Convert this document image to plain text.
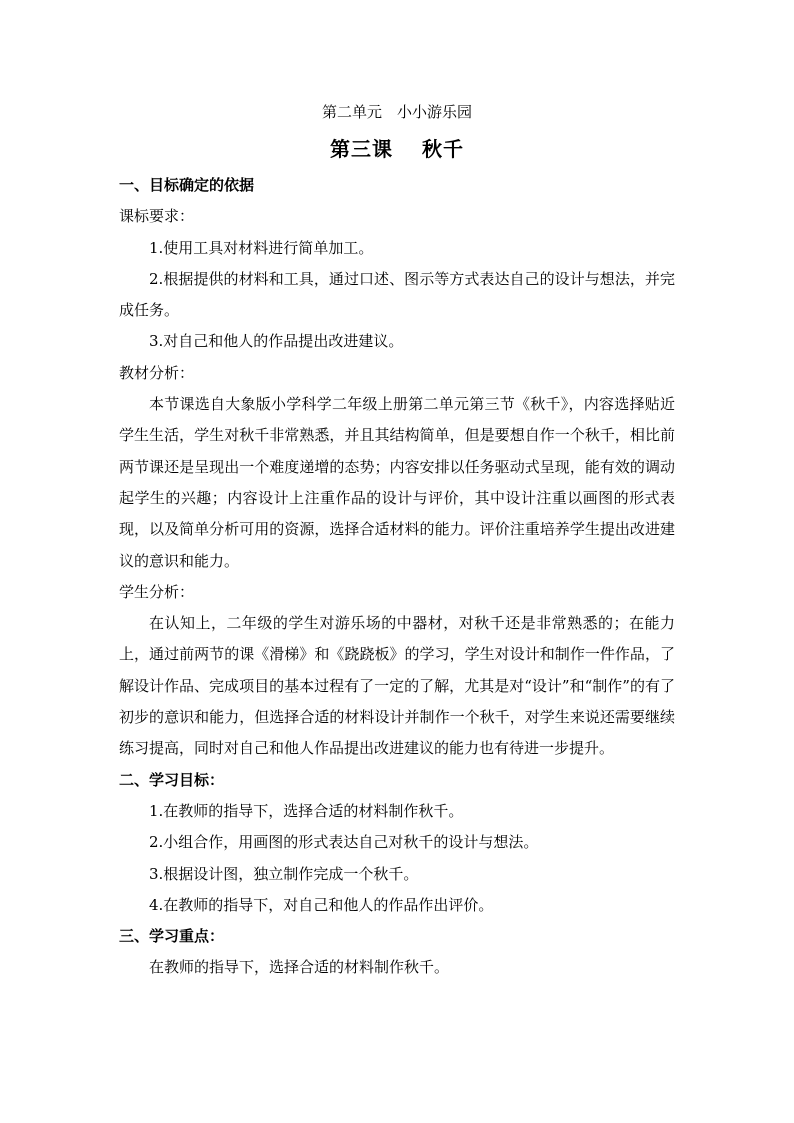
第二单元　小小游乐园
第三课　 秋千

一、目标确定的依据

课标要求：

1.使用工具对材料进行简单加工。

2.根据提供的材料和工具，通过口述、图示等方式表达自己的设计与想法，并完成任务。

3.对自己和他人的作品提出改进建议。

教材分析：

本节课选自大象版小学科学二年级上册第二单元第三节《秋千》，内容选择贴近学生生活，学生对秋千非常熟悉，并且其结构简单，但是要想自作一个秋千，相比前两节课还是呈现出一个难度递增的态势；内容安排以任务驱动式呈现，能有效的调动起学生的兴趣；内容设计上注重作品的设计与评价，其中设计注重以画图的形式表现，以及简单分析可用的资源，选择合适材料的能力。评价注重培养学生提出改进建议的意识和能力。

学生分析：

在认知上，二年级的学生对游乐场的中器材，对秋千还是非常熟悉的；在能力上，通过前两节的课《滑梯》和《跷跷板》的学习，学生对设计和制作一件作品，了解设计作品、完成项目的基本过程有了一定的了解，尤其是对“设计”和“制作”的有了初步的意识和能力，但选择合适的材料设计并制作一个秋千，对学生来说还需要继续练习提高，同时对自己和他人作品提出改进建议的能力也有待进一步提升。

二、学习目标：

1.在教师的指导下，选择合适的材料制作秋千。

2.小组合作，用画图的形式表达自己对秋千的设计与想法。

3.根据设计图，独立制作完成一个秋千。

4.在教师的指导下，对自己和他人的作品作出评价。

三、学习重点：

在教师的指导下，选择合适的材料制作秋千。
